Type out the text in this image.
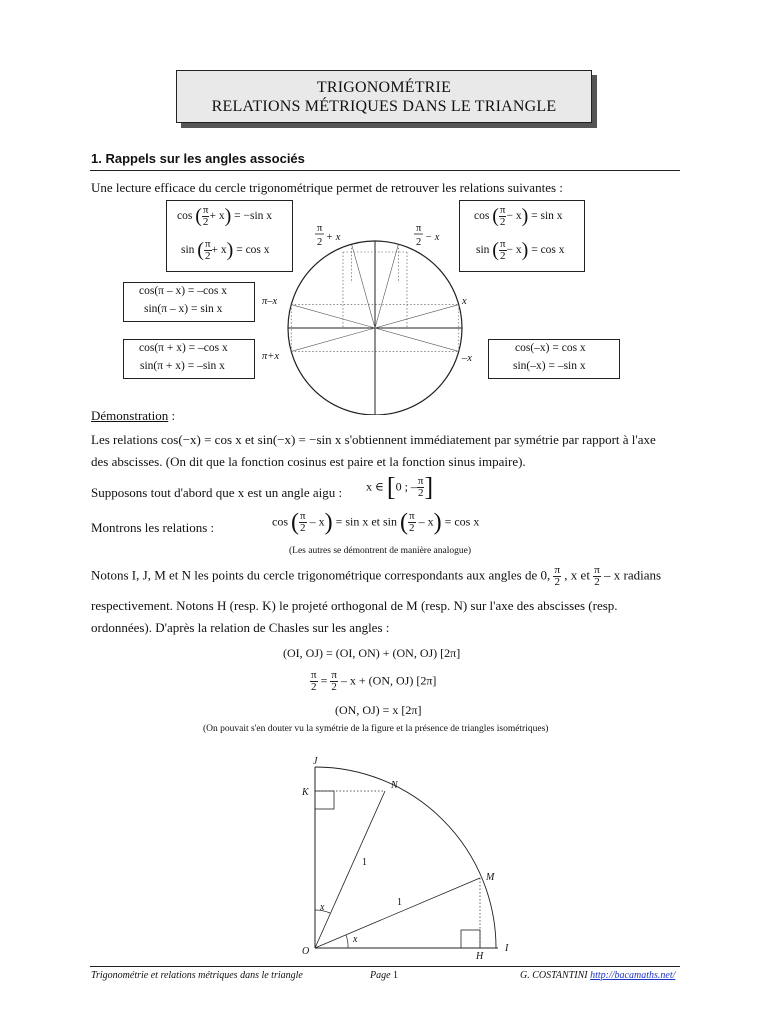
TRIGONOMÉTRIE
RELATIONS MÉTRIQUES DANS LE TRIANGLE
1. Rappels sur les angles associés
Une lecture efficace du cercle trigonométrique permet de retrouver les relations suivantes :
cos ( $\frac{\pi}{2} + x) = -\sin$ x
sin ( $\frac{\pi}{2} + x) = \cos x$
cos ( $\frac{\pi}{2} - x) = \sin x$
sin ( $\frac{\pi}{2} - x) = \cos x$
cos(π – x) = –cos x
sin(π – x) = sin x
cos(π + x) = –cos x
sin(π + x) = –sin x
cos(–x) = cos x
sin(–x) = –sin x
π
2 + x
π
2 − x
π–x	x
π+x	–x
Démonstration :
Les relations cos(−x) = cos x et sin(−x) = −sin x s'obtiennent immédiatement par symétrie par rapport à l'axe
des abscisses. (On dit que la fonction cosinus est paire et la fonction sinus impaire).
Supposons tout d'abord que x est un angle aigu : x ∈ [0 ; – $\frac{\pi}{2}$ ]
Montrons les relations :	cos ( $\frac{\pi}{2} - x) = \sin x$ et sin ( $\frac{\pi}{2} - x) = \cos x$
(Les autres se démontrent de manière analogue)
Notons I, J, M et N les points du cercle trigonométrique correspondants aux angles de 0, $\frac{\pi}{2}$ , x et $\frac{\pi}{2}$ – x radians
respectivement. Notons H (resp. K) le projeté orthogonal de M (resp. N) sur l'axe des abscisses (resp.
ordonnées). D'après la relation de Chasles sur les angles :
(OI, OJ) = (OI, ON) + (ON, OJ) [2π]
$\frac{\pi}{2} = \frac{\pi}{2} - x + (ON$, OJ) [2π]
(ON, OJ) = x [2π]
(On pouvait s'en douter vu la symétrie de la figure et la présence de triangles isométriques)
J
K
N
M
O	H
I
1
1
x
x
Trigonométrie et relations métriques dans le triangle	Page 1	G. COSTANTINI http://bacamaths.net/
